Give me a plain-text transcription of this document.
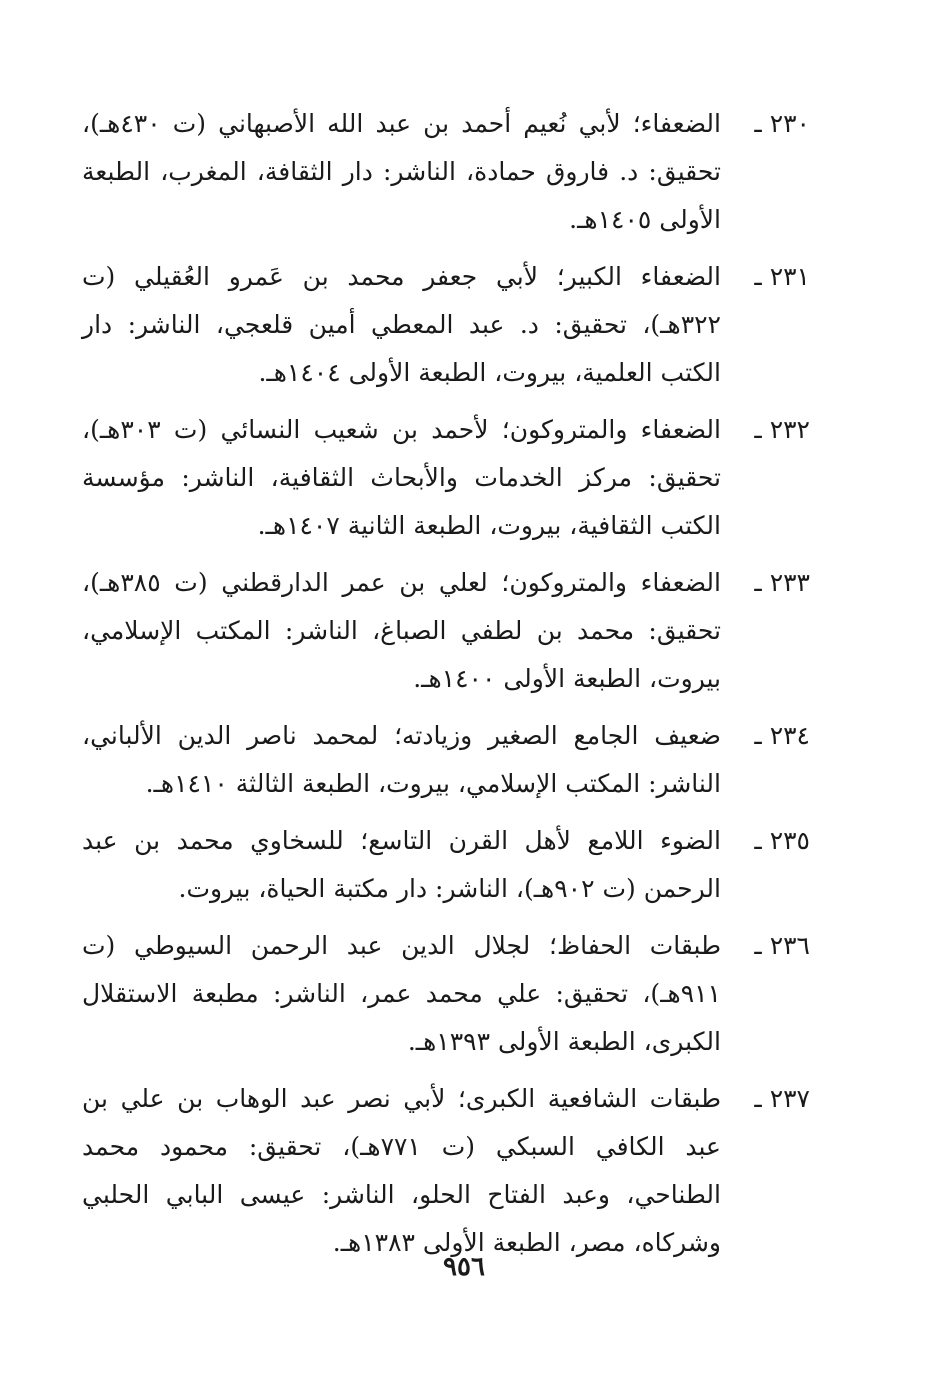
٢٣٠ ـ
الضعفاء؛ لأبي نُعيم أحمد بن عبد الله الأصبهاني (ت ٤٣٠هـ)، تحقيق: د. فاروق حمادة، الناشر: دار الثقافة، المغرب، الطبعة الأولى ١٤٠٥هـ.
٢٣١ ـ
الضعفاء الكبير؛ لأبي جعفر محمد بن عَمرو العُقيلي (ت ٣٢٢هـ)، تحقيق: د. عبد المعطي أمين قلعجي، الناشر: دار الكتب العلمية، بيروت، الطبعة الأولى ١٤٠٤هـ.
٢٣٢ ـ
الضعفاء والمتروكون؛ لأحمد بن شعيب النسائي (ت ٣٠٣هـ)، تحقيق: مركز الخدمات والأبحاث الثقافية، الناشر: مؤسسة الكتب الثقافية، بيروت، الطبعة الثانية ١٤٠٧هـ.
٢٣٣ ـ
الضعفاء والمتروكون؛ لعلي بن عمر الدارقطني (ت ٣٨٥هـ)، تحقيق: محمد بن لطفي الصباغ، الناشر: المكتب الإسلامي، بيروت، الطبعة الأولى ١٤٠٠هـ.
٢٣٤ ـ
ضعيف الجامع الصغير وزيادته؛ لمحمد ناصر الدين الألباني، الناشر: المكتب الإسلامي، بيروت، الطبعة الثالثة ١٤١٠هـ.
٢٣٥ ـ
الضوء اللامع لأهل القرن التاسع؛ للسخاوي محمد بن عبد الرحمن (ت ٩٠٢هـ)، الناشر: دار مكتبة الحياة، بيروت.
٢٣٦ ـ
طبقات الحفاظ؛ لجلال الدين عبد الرحمن السيوطي (ت ٩١١هـ)، تحقيق: علي محمد عمر، الناشر: مطبعة الاستقلال الكبرى، الطبعة الأولى ١٣٩٣هـ.
٢٣٧ ـ
طبقات الشافعية الكبرى؛ لأبي نصر عبد الوهاب بن علي بن عبد الكافي السبكي (ت ٧٧١هـ)، تحقيق: محمود محمد الطناحي، وعبد الفتاح الحلو، الناشر: عيسى البابي الحلبي وشركاه، مصر، الطبعة الأولى ١٣٨٣هـ.
٩٥٦
